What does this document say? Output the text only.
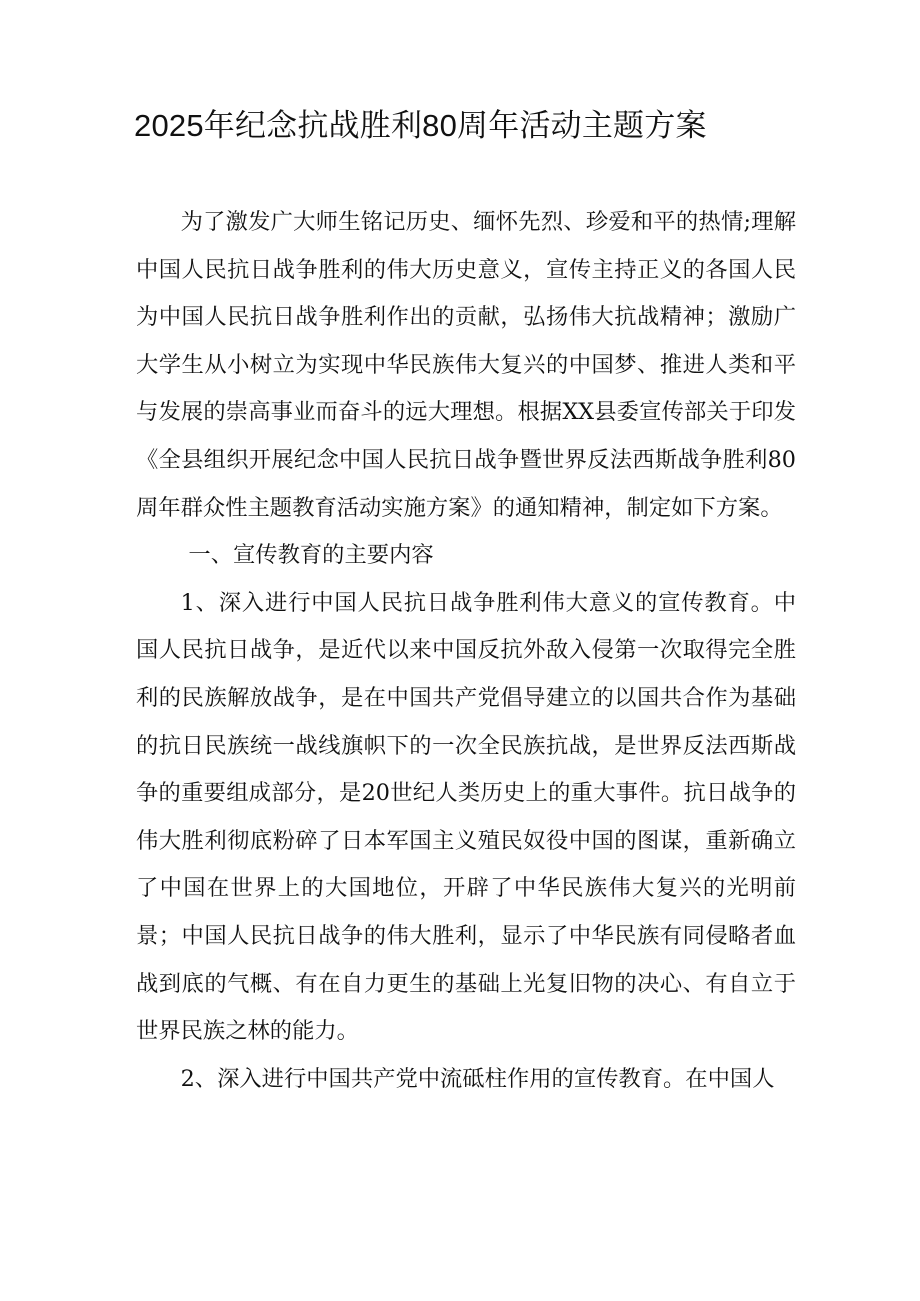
2025年纪念抗战胜利80周年活动主题方案

为了激发广大师生铭记历史、缅怀先烈、珍爱和平的热情;理解中国人民抗日战争胜利的伟大历史意义，宣传主持正义的各国人民为中国人民抗日战争胜利作出的贡献，弘扬伟大抗战精神；激励广大学生从小树立为实现中华民族伟大复兴的中国梦、推进人类和平与发展的崇高事业而奋斗的远大理想。根据XX县委宣传部关于印发《全县组织开展纪念中国人民抗日战争暨世界反法西斯战争胜利80周年群众性主题教育活动实施方案》的通知精神，制定如下方案。

一、宣传教育的主要内容

1、深入进行中国人民抗日战争胜利伟大意义的宣传教育。中国人民抗日战争，是近代以来中国反抗外敌入侵第一次取得完全胜利的民族解放战争，是在中国共产党倡导建立的以国共合作为基础的抗日民族统一战线旗帜下的一次全民族抗战，是世界反法西斯战争的重要组成部分，是20世纪人类历史上的重大事件。抗日战争的伟大胜利彻底粉碎了日本军国主义殖民奴役中国的图谋，重新确立了中国在世界上的大国地位，开辟了中华民族伟大复兴的光明前景；中国人民抗日战争的伟大胜利，显示了中华民族有同侵略者血战到底的气概、有在自力更生的基础上光复旧物的决心、有自立于世界民族之林的能力。

2、深入进行中国共产党中流砥柱作用的宣传教育。在中国人
